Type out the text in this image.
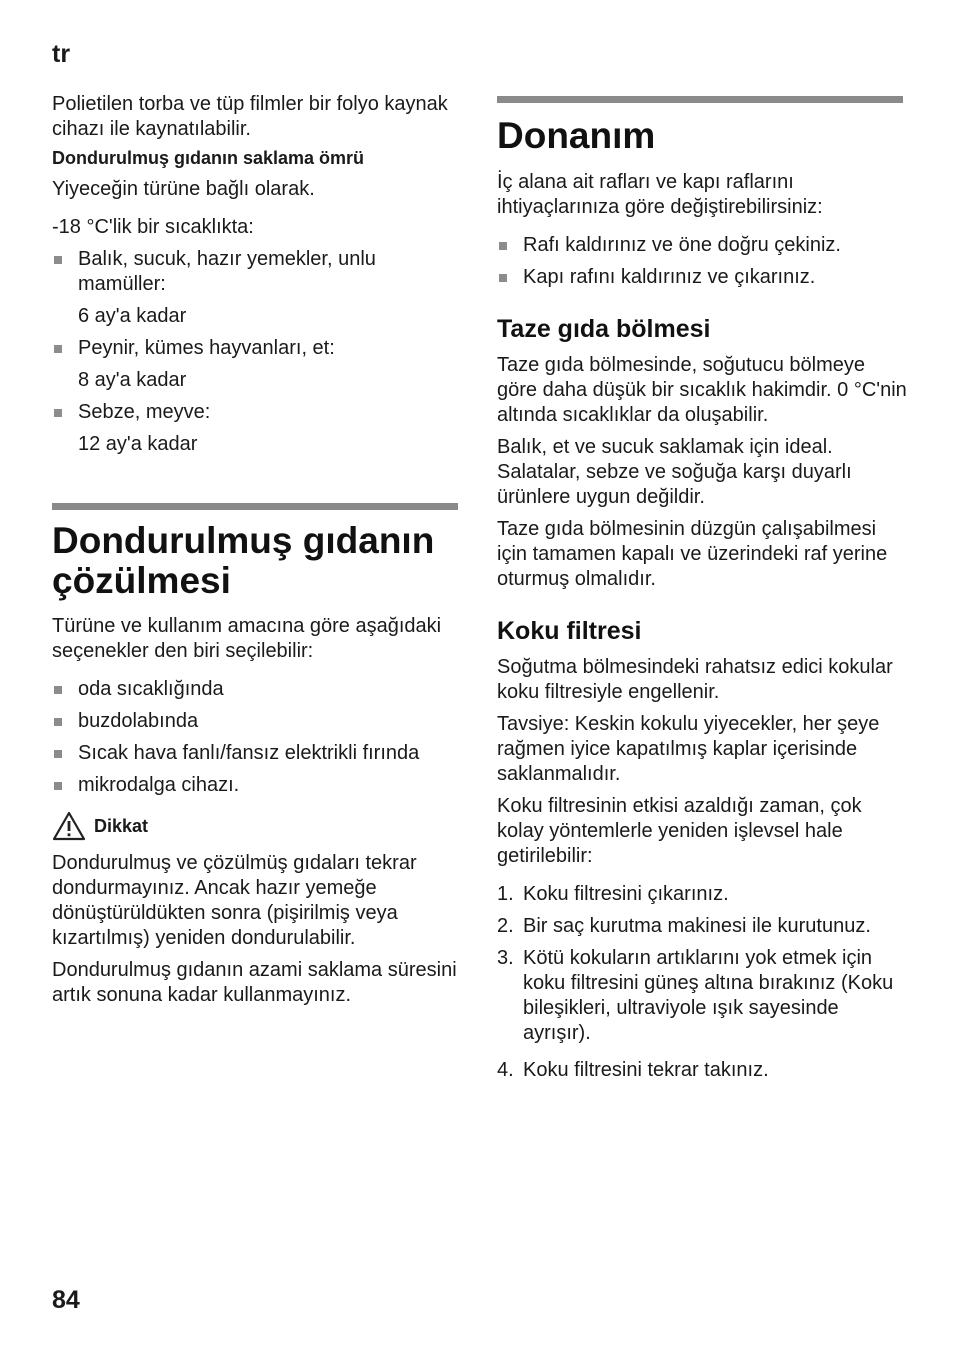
tr

Polietilen torba ve tüp filmler bir folyo kaynak cihazı ile kaynatılabilir.

Dondurulmuş gıdanın saklama ömrü

Yiyeceğin türüne bağlı olarak.

-18 °C'lik bir sıcaklıkta:

Balık, sucuk, hazır yemekler, unlu mamüller:

6 ay'a kadar

Peynir, kümes hayvanları, et:

8 ay'a kadar

Sebze, meyve:

12 ay'a kadar

Dondurulmuş gıdanın çözülmesi

Türüne ve kullanım amacına göre aşağıdaki seçenekler den biri seçilebilir:

oda sıcaklığında

buzdolabında

Sıcak hava fanlı/fansız elektrikli fırında

mikrodalga cihazı.

Dikkat

Dondurulmuş ve çözülmüş gıdaları tekrar dondurmayınız. Ancak hazır yemeğe dönüştürüldükten sonra (pişirilmiş veya kızartılmış) yeniden dondurulabilir.

Dondurulmuş gıdanın azami saklama süresini artık sonuna kadar kullanmayınız.

Donanım

İç alana ait rafları ve kapı raflarını ihtiyaçlarınıza göre değiştirebilirsiniz:

Rafı kaldırınız ve öne doğru çekiniz.

Kapı rafını kaldırınız ve çıkarınız.

Taze gıda bölmesi

Taze gıda bölmesinde, soğutucu bölmeye göre daha düşük bir sıcaklık hakimdir. 0 °C'nin altında sıcaklıklar da oluşabilir.

Balık, et ve sucuk saklamak için ideal. Salatalar, sebze ve soğuğa karşı duyarlı ürünlere uygun değildir.

Taze gıda bölmesinin düzgün çalışabilmesi için tamamen kapalı ve üzerindeki raf yerine oturmuş olmalıdır.

Koku filtresi

Soğutma bölmesindeki rahatsız edici kokular koku filtresiyle engellenir.

Tavsiye: Keskin kokulu yiyecekler, her şeye rağmen iyice kapatılmış kaplar içerisinde saklanmalıdır.

Koku filtresinin etkisi azaldığı zaman, çok kolay yöntemlerle yeniden işlevsel hale getirilebilir:

1. Koku filtresini çıkarınız.
2. Bir saç kurutma makinesi ile kurutunuz.
3. Kötü kokuların artıklarını yok etmek için koku filtresini güneş altına bırakınız (Koku bileşikleri, ultraviyole ışık sayesinde ayrışır).
4. Koku filtresini tekrar takınız.
84
